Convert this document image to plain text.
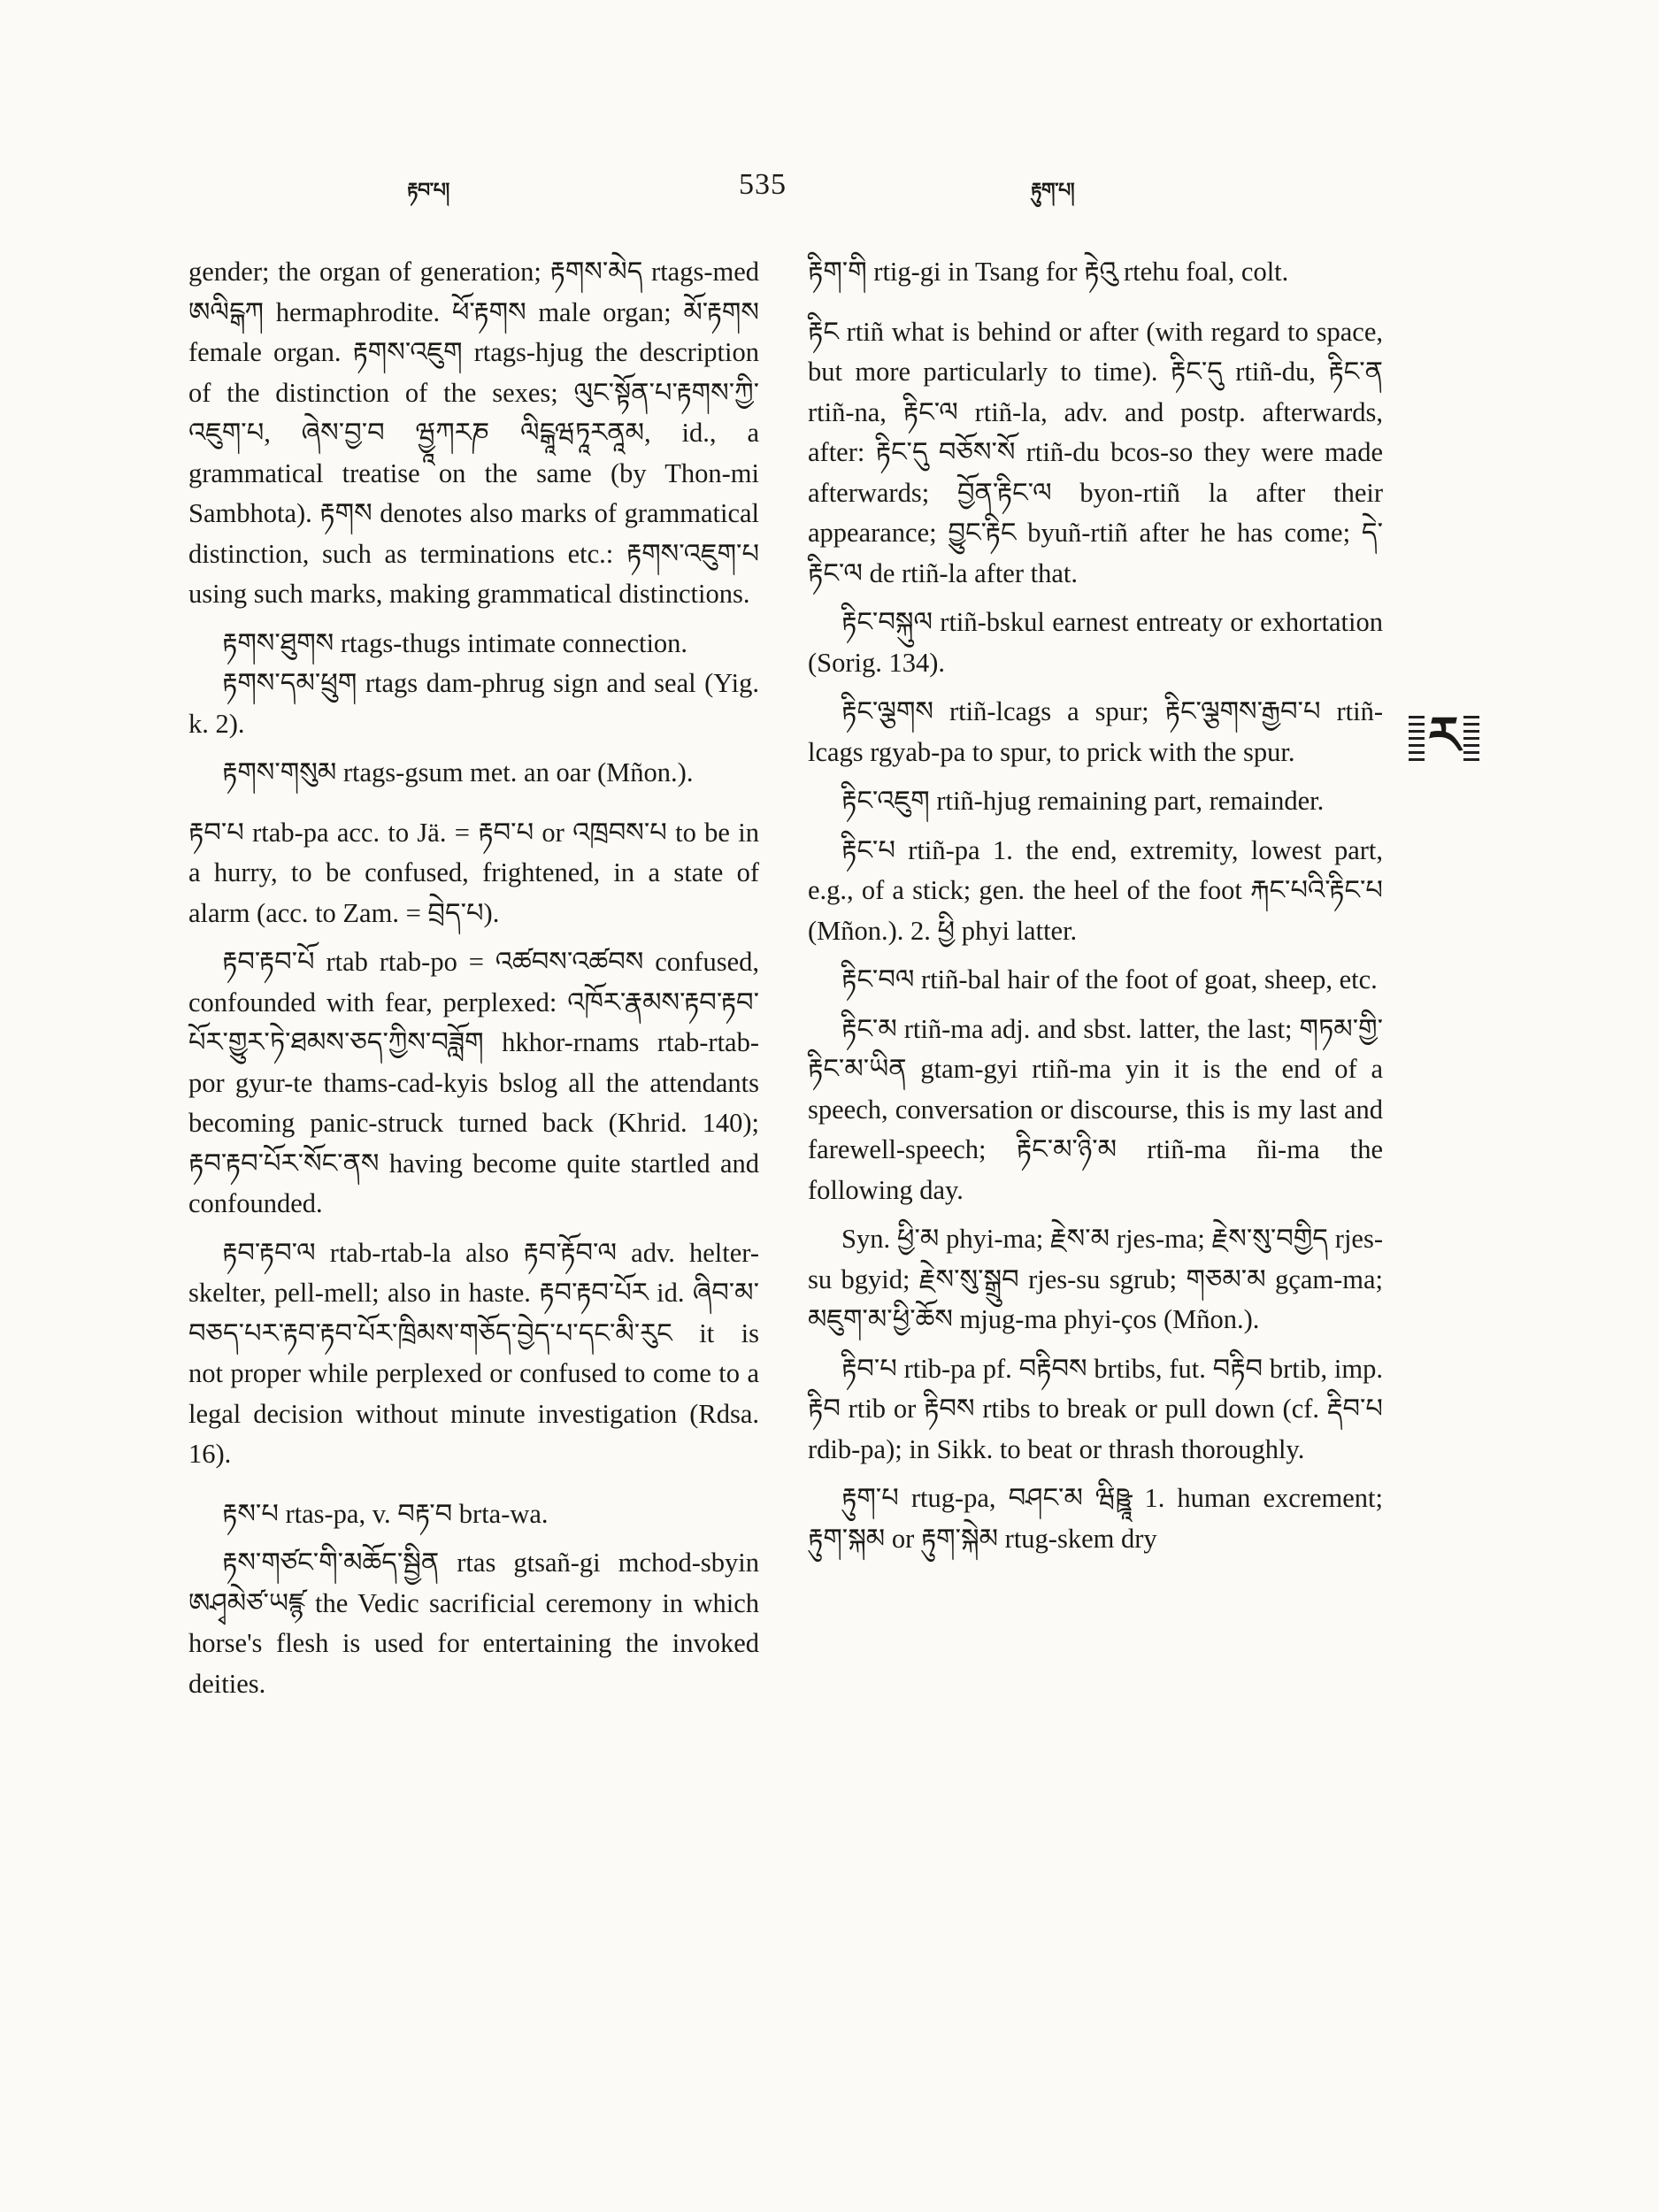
རྟབ་པ།	535	རྟུག་པ།

gender; the organ of generation; རྟགས་མེད rtags-med ཨལིངྒཀ hermaphrodite. ཕོ་རྟགས male organ; མོ་རྟགས female organ. རྟགས་འཇུག rtags-hjug the description of the distinction of the sexes; ལུང་སྟོན་པ་རྟགས་ཀྱི་འཇུག་པ, ཞེས་བྱ་བ ཝྱཱཀརཎ ལིངྒཱཝཏཱརནཱམ, id., a grammatical treatise on the same (by Thon-mi Sambhota). རྟགས denotes also marks of grammatical distinction, such as terminations etc.: རྟགས་འཇུག་པ using such marks, making grammatical distinctions.

རྟགས་ཐུགས rtags-thugs intimate connection.

རྟགས་དམ་ཕྲུག rtags dam-phrug sign and seal (Yig. k. 2).

རྟགས་གསུམ rtags-gsum met. an oar (Mñon.).

རྟབ་པ rtab-pa acc. to Jä. = རྟབ་པ or འཁྲབས་པ to be in a hurry, to be confused, frightened, in a state of alarm (acc. to Zam. = བྲེད་པ).

རྟབ་རྟབ་པོ rtab rtab-po = འཚབས་འཚབས confused, confounded with fear, perplexed: འཁོར་རྣམས་རྟབ་རྟབ་པོར་གྱུར་ཏེ་ཐམས་ཅད་ཀྱིས་བཟློག hkhor-rnams rtab-rtab-por gyur-te thams-cad-kyis bslog all the attendants becoming panic-struck turned back (Khrid. 140); རྟབ་རྟབ་པོར་སོང་ནས having become quite startled and confounded.

རྟབ་རྟབ་ལ rtab-rtab-la also རྟབ་རྟོབ་ལ adv. helter-skelter, pell-mell; also in haste. རྟབ་རྟབ་པོར id. ཞིབ་མ་བཅད་པར་རྟབ་རྟབ་པོར་ཁྲིམས་གཅོད་བྱེད་པ་དང་མི་རུང it is not proper while perplexed or confused to come to a legal decision without minute investigation (Rdsa. 16).

རྟས་པ rtas-pa, v. བརྟ་བ brta-wa.

རྟས་གཙང་གི་མཆོད་སྦྱིན rtas gtsañ-gi mchod-sbyin ཨཤྭམེཙ་ཡཛྙ the Vedic sacrificial ceremony in which horse's flesh is used for entertaining the invoked deities.

རྟིག་གི rtig-gi in Tsang for རྟེའུ rtehu foal, colt.

རྟིང rtiñ what is behind or after (with regard to space, but more particularly to time). རྟིང་དུ rtiñ-du, རྟིང་ན rtiñ-na, རྟིང་ལ rtiñ-la, adv. and postp. afterwards, after: རྟིང་དུ བཅོས་སོ rtiñ-du bcos-so they were made afterwards; བྱོན་རྟིང་ལ byon-rtiñ la after their appearance; བྱུང་རྟིང byuñ-rtiñ after he has come; དེ་རྟིང་ལ de rtiñ-la after that.

རྟིང་བསྐུལ rtiñ-bskul earnest entreaty or exhortation (Sorig. 134).

རྟིང་ལྕགས rtiñ-lcags a spur; རྟིང་ལྕགས་རྒྱབ་པ rtiñ-lcags rgyab-pa to spur, to prick with the spur.

རྟིང་འཇུག rtiñ-hjug remaining part, remainder.

རྟིང་པ rtiñ-pa 1. the end, extremity, lowest part, e.g., of a stick; gen. the heel of the foot རྐང་པའི་རྟིང་པ (Mñon.). 2. ཕྱི phyi latter.

རྟིང་བལ rtiñ-bal hair of the foot of goat, sheep, etc.

རྟིང་མ rtiñ-ma adj. and sbst. latter, the last; གཏམ་གྱི་རྟིང་མ་ཡིན gtam-gyi rtiñ-ma yin it is the end of a speech, conversation or discourse, this is my last and farewell-speech; རྟིང་མ་ཉི་མ rtiñ-ma ñi-ma the following day.

Syn. ཕྱི་མ phyi-ma; རྗེས་མ rjes-ma; རྗེས་སུ་བགྱིད rjes-su bgyid; རྗེས་སུ་སྒྲུབ rjes-su sgrub; གཅམ་མ gçam-ma; མཇུག་མ་ཕྱི་ཆོས mjug-ma phyi-ços (Mñon.).

རྟིབ་པ rtib-pa pf. བརྟིབས brtibs, fut. བརྟིབ brtib, imp. རྟིབ rtib or རྟིབས rtibs to break or pull down (cf. རྡིབ་པ rdib-pa); in Sikk. to beat or thrash thoroughly.

རྟུག་པ rtug-pa, བཤང་མ ཝིཥྛཱ 1. human excrement; རྟུག་སྐམ or རྟུག་སྐེམ rtug-skem dry

ར
